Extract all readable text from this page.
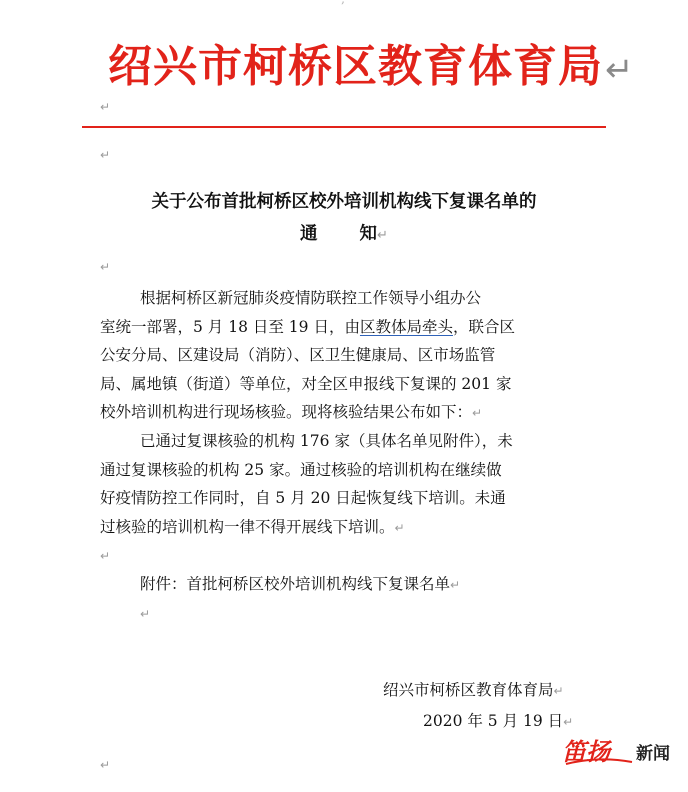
绍兴市柯桥区教育体育局↵
↵
↵
关于公布首批柯桥区校外培训机构线下复课名单的
通 知↵
↵
根据柯桥区新冠肺炎疫情防联控工作领导小组办公
室统一部署，5 月 18 日至 19 日，由区教体局牵头，联合区
公安分局、区建设局（消防）、区卫生健康局、区市场监管
局、属地镇（街道）等单位，对全区申报线下复课的 201 家
校外培训机构进行现场核验。现将核验结果公布如下：↵
已通过复课核验的机构 176 家（具体名单见附件），未
通过复课核验的机构 25 家。通过核验的培训机构在继续做
好疫情防控工作同时，自 5 月 20 日起恢复线下培训。未通
过核验的培训机构一律不得开展线下培训。↵
↵
附件：首批柯桥区校外培训机构线下复课名单↵
↵
绍兴市柯桥区教育体育局↵
2020 年 5 月 19 日↵
↵	笛扬 新闻
